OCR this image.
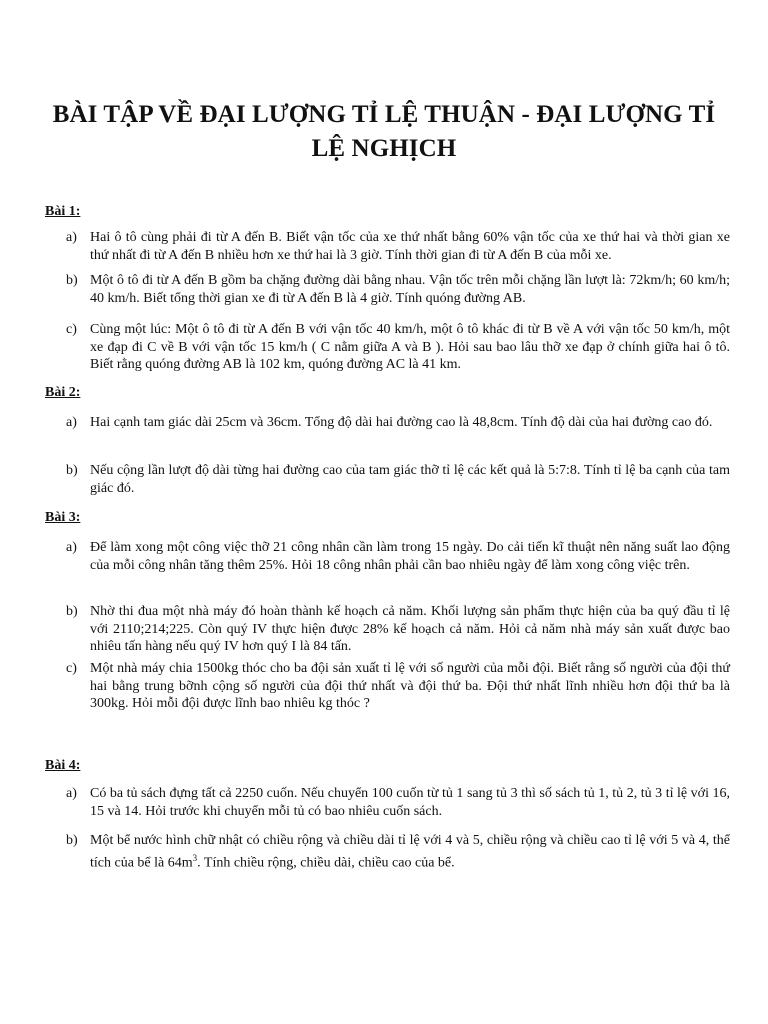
BÀI TẬP VỀ ĐẠI LƯỢNG TỈ LỆ THUẬN - ĐẠI LƯỢNG TỈ LỆ NGHỊCH
Bài 1:
a) Hai ô tô cùng phải đi từ A đến B. Biết vận tốc của xe thứ nhất bằng 60% vận tốc của xe thứ hai và thời gian xe thứ nhất đi từ A đến B nhiều hơn xe thứ hai là 3 giờ. Tính thời gian đi từ A đến B của mỗi xe.
b) Một ô tô đi từ A đến B gồm ba chặng đường dài bằng nhau. Vận tốc trên mỗi chặng lần lượt là: 72km/h; 60 km/h; 40 km/h. Biết tổng thời gian xe đi từ A đến B là 4 giờ. Tính quóng đường AB.
c) Cùng một lúc: Một ô tô đi từ A đến B với vận tốc 40 km/h, một ô tô khác đi từ B về A với vận tốc 50 km/h, một xe đạp đi C về B với vận tốc 15 km/h ( C nằm giữa A và B ). Hỏi sau bao lâu thỡ xe đạp ở chính giữa hai ô tô. Biết rằng quóng đường AB là 102 km, quóng đường AC là 41 km.
Bài 2:
a) Hai cạnh tam giác dài 25cm và 36cm. Tổng độ dài hai đường cao là 48,8cm. Tính độ dài của hai đường cao đó.
b) Nếu cộng lần lượt độ dài từng hai đường cao của tam giác thỡ tỉ lệ các kết quả là 5:7:8. Tính tỉ lệ ba cạnh của tam giác đó.
Bài 3:
a) Để làm xong một công việc thỡ 21 công nhân cần làm trong 15 ngày. Do cải tiến kĩ thuật nên năng suất lao động của mỗi công nhân tăng thêm 25%. Hỏi 18 công nhân phải cần bao nhiêu ngày để làm xong công việc trên.
b) Nhờ thi đua một nhà máy đó hoàn thành kế hoạch cả năm. Khối lượng sản phẩm thực hiện của ba quý đầu tỉ lệ với 2110;214;225. Còn quý IV thực hiện được 28% kế hoạch cả năm. Hỏi cả năm nhà máy sản xuất được bao nhiêu tấn hàng nếu quý IV hơn quý I là 84 tấn.
c) Một nhà máy chia 1500kg thóc cho ba đội sản xuất tỉ lệ với số người của mỗi đội. Biết rằng số người của đội thứ hai bằng trung bỡnh cộng số người của đội thứ nhất và đội thứ ba. Đội thứ nhất lĩnh nhiều hơn đội thứ ba là 300kg. Hỏi mỗi đội được lĩnh bao nhiêu kg thóc ?
Bài 4:
a) Có ba tủ sách đựng tất cả 2250 cuốn. Nếu chuyển 100 cuốn từ tủ 1 sang tủ 3 thì số sách tủ 1, tủ 2, tủ 3 tỉ lệ với 16, 15 và 14. Hỏi trước khi chuyển mỗi tủ có bao nhiêu cuốn sách.
b) Một bể nước hình chữ nhật có chiều rộng và chiều dài tỉ lệ với 4 và 5, chiều rộng và chiều cao tỉ lệ với 5 và 4, thể tích của bể là $64m^3$. Tính chiều rộng, chiều dài, chiều cao của bể.
